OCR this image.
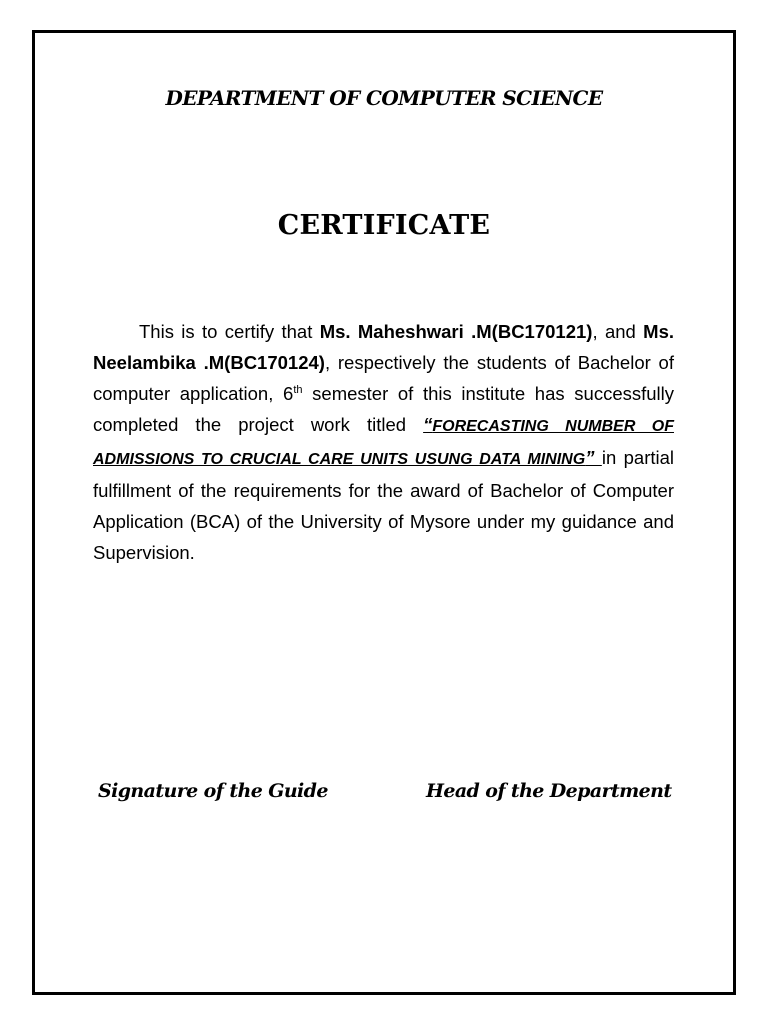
DEPARTMENT OF COMPUTER SCIENCE
CERTIFICATE

This is to certify that Ms. Maheshwari .M(BC170121), and Ms. Neelambika .M(BC170124), respectively the students of Bachelor of computer application, 6th semester of this institute has successfully completed the project work titled “FORECASTING NUMBER OF ADMISSIONS TO CRUCIAL CARE UNITS USUNG DATA MINING” in partial fulfillment of the requirements for the award of Bachelor of Computer Application (BCA) of the University of Mysore under my guidance and Supervision.

Signature of the Guide	Head of the Department
